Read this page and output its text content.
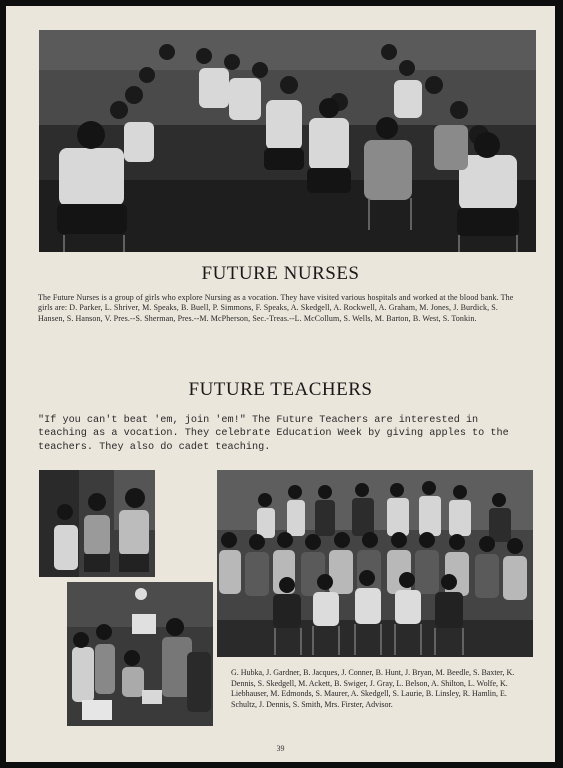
FUTURE NURSES

The Future Nurses is a group of girls who explore Nursing as a vocation. They have visited various hospitals and worked at the blood bank. The girls are: D. Parker, L. Shriver, M. Speaks, B. Buell, P. Simmons, F. Speaks, A. Skedgell, A. Rockwell, A. Graham, M. Jones, J. Burdick, S. Hansen, S. Hanson, V. Pres.--S. Sherman, Pres.--M. McPherson, Sec.-Treas.--L. McCollum, S. Wells, M. Barton, B. West, S. Tonkin.

FUTURE TEACHERS

"If you can't beat 'em, join 'em!" The Future Teachers are interested in teaching as a vocation. They celebrate Education Week by giving apples to the teachers. They also do cadet teaching.

G. Hubka, J. Gardner, B. Jacques, J. Conner, B. Hunt, J. Bryan, M. Beedle, S. Baxter, K. Dennis, S. Skedgell, M. Ackett, B. Swiger, J. Gray, L. Belson, A. Shilton, L. Wolfe, K. Liebhauser, M. Edmonds, S. Maurer, A. Skedgell, S. Laurie, B. Linsley, R. Hamlin, E. Schultz, J. Dennis, S. Smith, Mrs. Firster, Advisor.

39
